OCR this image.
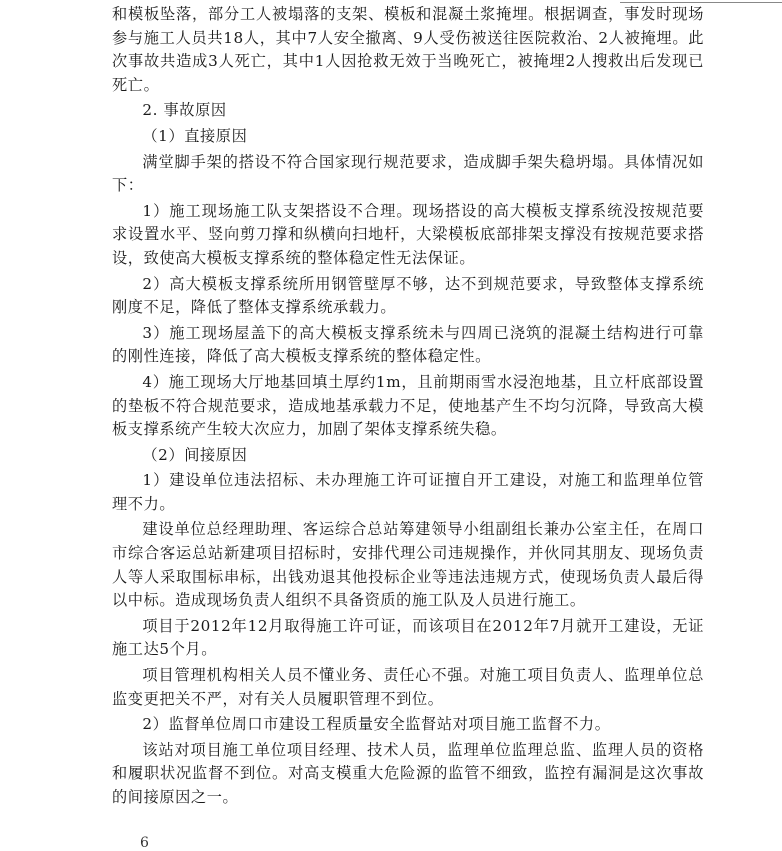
和模板坠落，部分工人被塌落的支架、模板和混凝土浆掩埋。根据调查，事发时现场参与施工人员共18人，其中7人安全撤离、9人受伤被送往医院救治、2人被掩埋。此次事故共造成3人死亡，其中1人因抢救无效于当晚死亡，被掩埋2人搜救出后发现已死亡。

2. 事故原因

（1）直接原因

满堂脚手架的搭设不符合国家现行规范要求，造成脚手架失稳坍塌。具体情况如下：

1）施工现场施工队支架搭设不合理。现场搭设的高大模板支撑系统没按规范要求设置水平、竖向剪刀撑和纵横向扫地杆，大梁模板底部排架支撑没有按规范要求搭设，致使高大模板支撑系统的整体稳定性无法保证。

2）高大模板支撑系统所用钢管壁厚不够，达不到规范要求，导致整体支撑系统刚度不足，降低了整体支撑系统承载力。

3）施工现场屋盖下的高大模板支撑系统未与四周已浇筑的混凝土结构进行可靠的刚性连接，降低了高大模板支撑系统的整体稳定性。

4）施工现场大厅地基回填土厚约1m，且前期雨雪水浸泡地基，且立杆底部设置的垫板不符合规范要求，造成地基承载力不足，使地基产生不均匀沉降，导致高大模板支撑系统产生较大次应力，加剧了架体支撑系统失稳。

（2）间接原因

1）建设单位违法招标、未办理施工许可证擅自开工建设，对施工和监理单位管理不力。

建设单位总经理助理、客运综合总站筹建领导小组副组长兼办公室主任，在周口市综合客运总站新建项目招标时，安排代理公司违规操作，并伙同其朋友、现场负责人等人采取围标串标，出钱劝退其他投标企业等违法违规方式，使现场负责人最后得以中标。造成现场负责人组织不具备资质的施工队及人员进行施工。

项目于2012年12月取得施工许可证，而该项目在2012年7月就开工建设，无证施工达5个月。

项目管理机构相关人员不懂业务、责任心不强。对施工项目负责人、监理单位总监变更把关不严，对有关人员履职管理不到位。

2）监督单位周口市建设工程质量安全监督站对项目施工监督不力。

该站对项目施工单位项目经理、技术人员，监理单位监理总监、监理人员的资格和履职状况监督不到位。对高支模重大危险源的监管不细致，监控有漏洞是这次事故的间接原因之一。

6
